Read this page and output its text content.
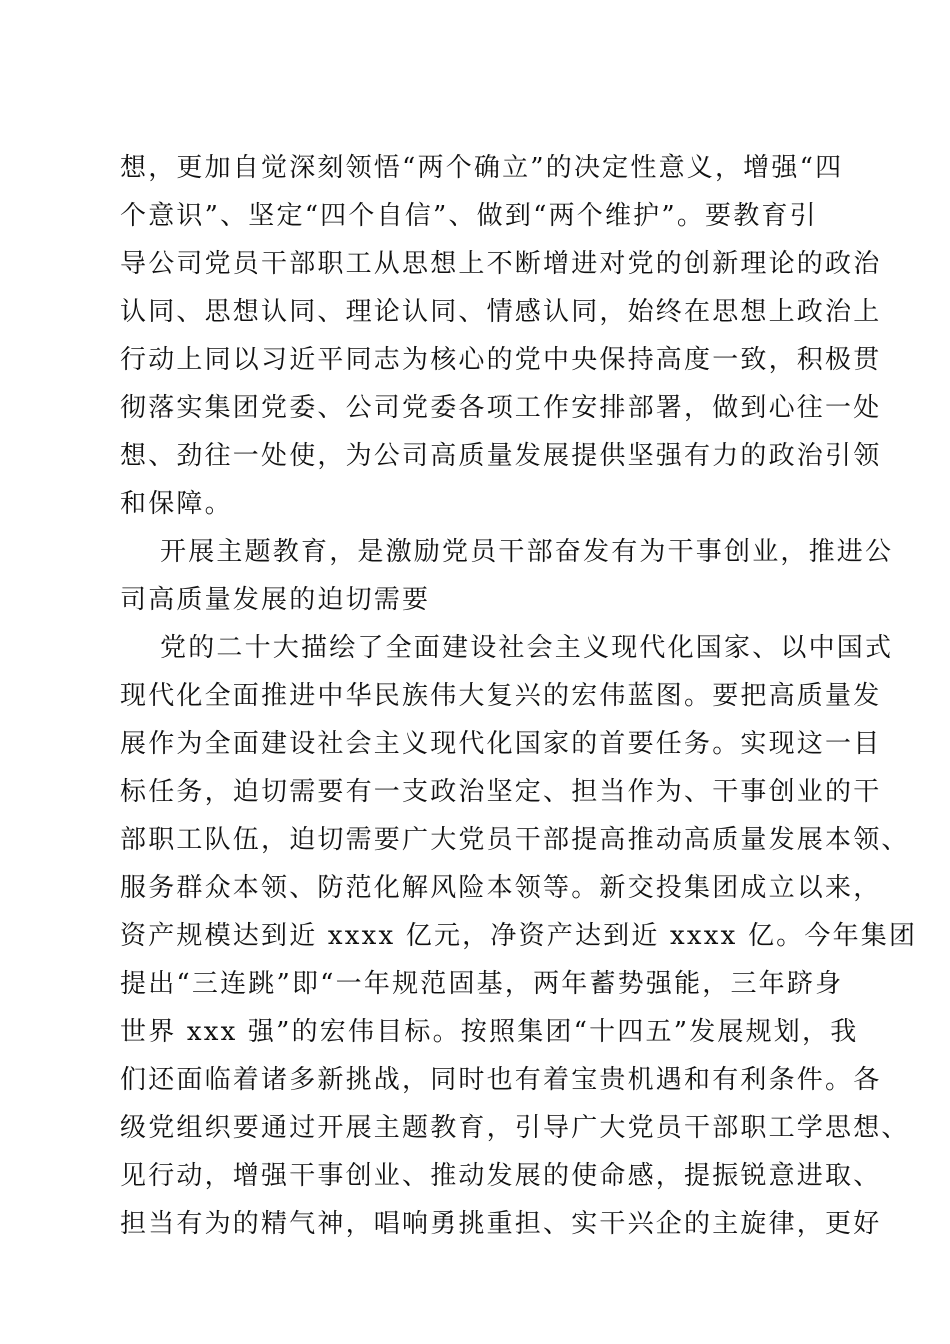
想，更加自觉深刻领悟“两个确立”的决定性意义，增强“四
个意识”、坚定“四个自信”、做到“两个维护”。要教育引
导公司党员干部职工从思想上不断增进对党的创新理论的政治
认同、思想认同、理论认同、情感认同，始终在思想上政治上
行动上同以习近平同志为核心的党中央保持高度一致，积极贯
彻落实集团党委、公司党委各项工作安排部署，做到心往一处
想、劲往一处使，为公司高质量发展提供坚强有力的政治引领
和保障。
开展主题教育，是激励党员干部奋发有为干事创业，推进公
司高质量发展的迫切需要
党的二十大描绘了全面建设社会主义现代化国家、以中国式
现代化全面推进中华民族伟大复兴的宏伟蓝图。要把高质量发
展作为全面建设社会主义现代化国家的首要任务。实现这一目
标任务，迫切需要有一支政治坚定、担当作为、干事创业的干
部职工队伍，迫切需要广大党员干部提高推动高质量发展本领、
服务群众本领、防范化解风险本领等。新交投集团成立以来，
资产规模达到近 xxxx 亿元，净资产达到近 xxxx 亿。今年集团
提出“三连跳”即“一年规范固基，两年蓄势强能，三年跻身
世界 xxx 强”的宏伟目标。按照集团“十四五”发展规划，我
们还面临着诸多新挑战，同时也有着宝贵机遇和有利条件。各
级党组织要通过开展主题教育，引导广大党员干部职工学思想、
见行动，增强干事创业、推动发展的使命感，提振锐意进取、
担当有为的精气神，唱响勇挑重担、实干兴企的主旋律，更好
